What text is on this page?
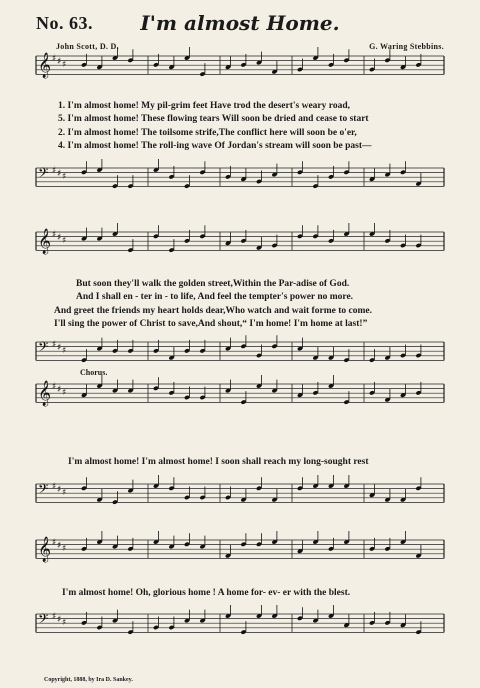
No. 63.	I'm almost Home.
John Scott, D. D.	G. Waring Stebbins.
𝄞 ♯ ♯ ♯
𝄢 ♯ ♯ ♯
𝄞 ♯ ♯ ♯
𝄢 ♯ ♯ ♯
𝄞 ♯ ♯ ♯
𝄢 ♯ ♯ ♯
𝄞 ♯ ♯ ♯
𝄢 ♯ ♯ ♯
1. I'm almost home! My pil-grim feet Have trod the desert's weary road,
5. I'm almost home! These flowing tears Will soon be dried and cease to start
2. I'm almost home! The toilsome strife,The conflict here will soon be o'er,
4. I'm almost home! The roll-ing wave Of Jordan's stream will soon be past—
But soon they'll walk the golden street,Within the Par-adise of God.
And I shall en - ter in - to life, And feel the tempter's power no more.
And greet the friends my heart holds dear,Who watch and wait forme to come.
I'll sing the power of Christ to save,And shout,“ I'm home! I'm home at last!”
Chorus.
I'm almost home! I'm almost home! I soon shall reach my long-sought rest
I'm almost home! Oh, glorious home ! A home for- ev- er with the blest.
Copyright, 1888, by Ira D. Sankey.
